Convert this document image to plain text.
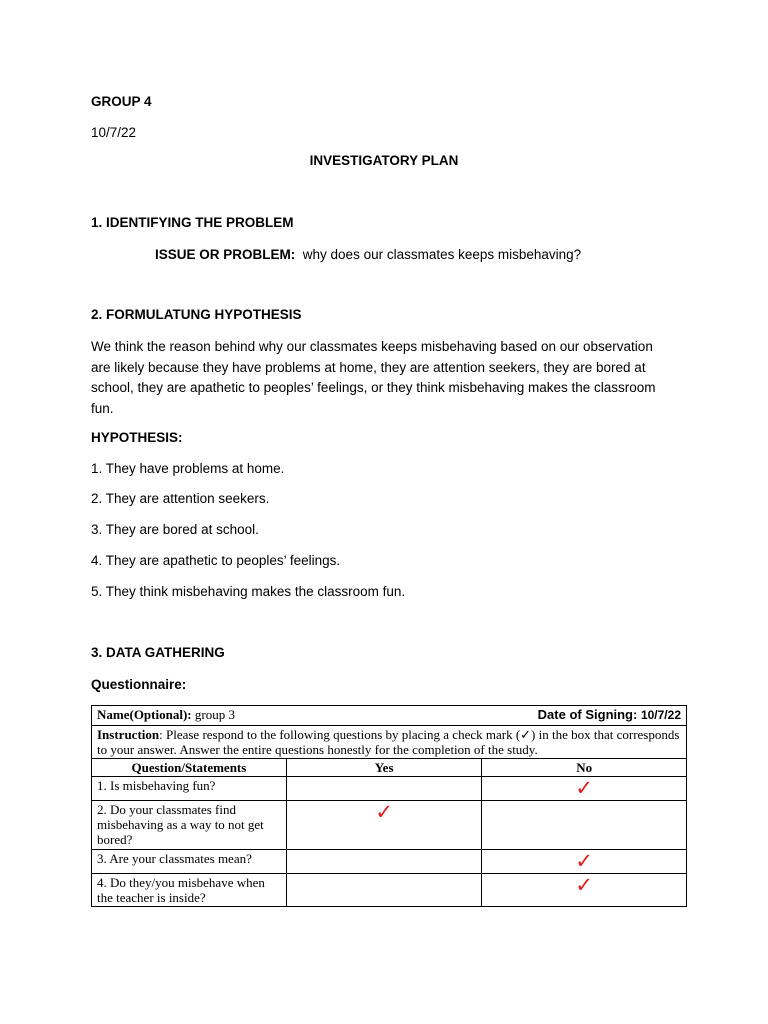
GROUP 4
10/7/22
INVESTIGATORY PLAN
1. IDENTIFYING THE PROBLEM
ISSUE OR PROBLEM: why does our classmates keeps misbehaving?
2. FORMULATUNG HYPOTHESIS
We think the reason behind why our classmates keeps misbehaving based on our observation
are likely because they have problems at home, they are attention seekers, they are bored at
school, they are apathetic to peoples’ feelings, or they think misbehaving makes the classroom
fun.
HYPOTHESIS:
1. They have problems at home.
2. They are attention seekers.
3. They are bored at school.
4. They are apathetic to peoples’ feelings.
5. They think misbehaving makes the classroom fun.
3. DATA GATHERING
Questionnaire:
Date of Signing: 10/7/22
Name(Optional): group 3		
Instruction: Please respond to the following questions by placing a check mark (✓) in the box that corresponds to your answer. Answer the entire questions honestly for the completion of the study.		
Question/Statements	Yes	No
1. Is misbehaving fun?		✓
2. Do your classmates find misbehaving as a way to not get bored?	✓	
3. Are your classmates mean?		✓
4. Do they/you misbehave when the teacher is inside?		✓
